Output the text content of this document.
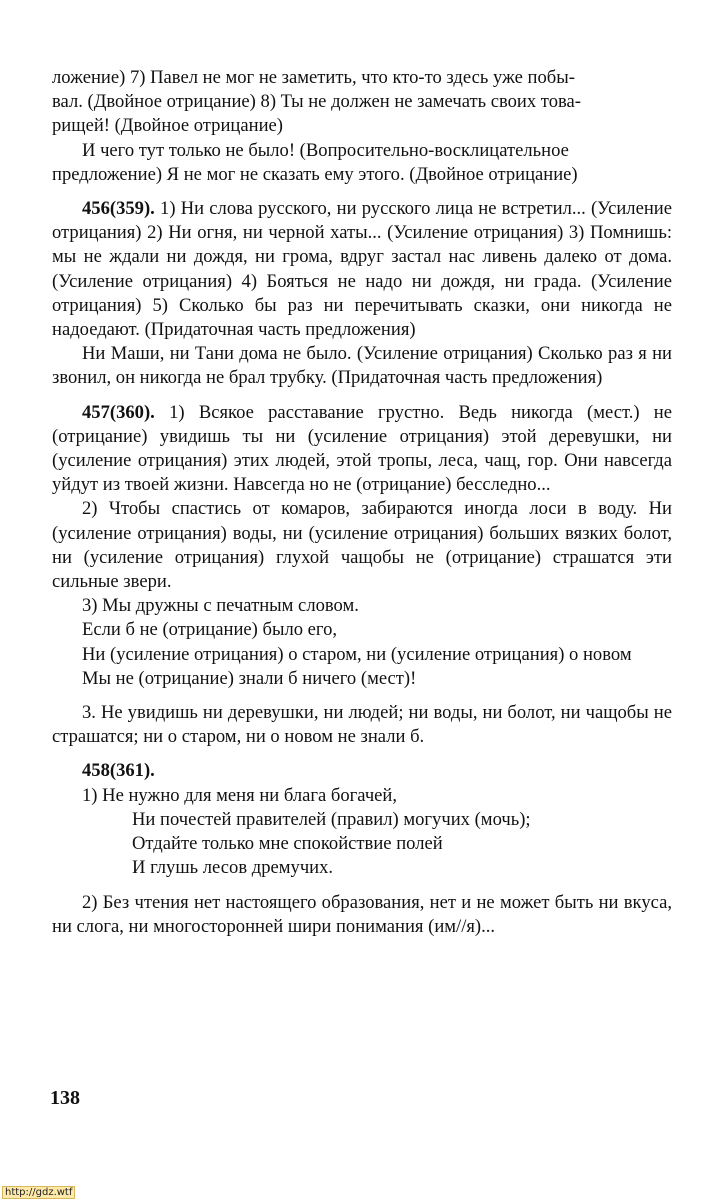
ложение) 7) Павел не мог не заметить, что кто-то здесь уже побы-

вал. (Двойное отрицание) 8) Ты не должен не замечать своих това-

рищей! (Двойное отрицание)

И чего тут только не было! (Вопросительно-восклицательное

предложение) Я не мог не сказать ему этого. (Двойное отрицание)

456(359). 1) Ни слова русского, ни русского лица не встретил... (Усиление отрицания) 2) Ни огня, ни черной хаты... (Усиление отрицания) 3) Помнишь: мы не ждали ни дождя, ни грома, вдруг застал нас ливень далеко от дома. (Усиление отрицания) 4) Бояться не надо ни дождя, ни града. (Усиление отрицания) 5) Сколько бы раз ни перечитывать сказки, они никогда не надоедают. (Придаточная часть предложения)

Ни Маши, ни Тани дома не было. (Усиление отрицания) Сколько раз я ни звонил, он никогда не брал трубку. (Придаточная часть предложения)

457(360). 1) Всякое расставание грустно. Ведь никогда (мест.) не (отрицание) увидишь ты ни (усиление отрицания) этой деревушки, ни (усиление отрицания) этих людей, этой тропы, леса, чащ, гор. Они навсегда уйдут из твоей жизни. Навсегда но не (отрицание) бесследно...

2) Чтобы спастись от комаров, забираются иногда лоси в воду. Ни (усиление отрицания) воды, ни (усиление отрицания) больших вязких болот, ни (усиление отрицания) глухой чащобы не (отрицание) страшатся эти сильные звери.

3) Мы дружны с печатным словом.

Если б не (отрицание) было его,

Ни (усиление отрицания) о старом, ни (усиление отрицания) о новом

Мы не (отрицание) знали б ничего (мест)!

3. Не увидишь ни деревушки, ни людей; ни воды, ни болот, ни чащобы не страшатся; ни о старом, ни о новом не знали б.

458(361).

1) Не нужно для меня ни блага богачей,

Ни почестей правителей (правил) могучих (мочь);

Отдайте только мне спокойствие полей

И глушь лесов дремучих.

2) Без чтения нет настоящего образования, нет и не может быть ни вкуса, ни слога, ни многосторонней шири понимания (им//я)...

138
http://gdz.wtf
